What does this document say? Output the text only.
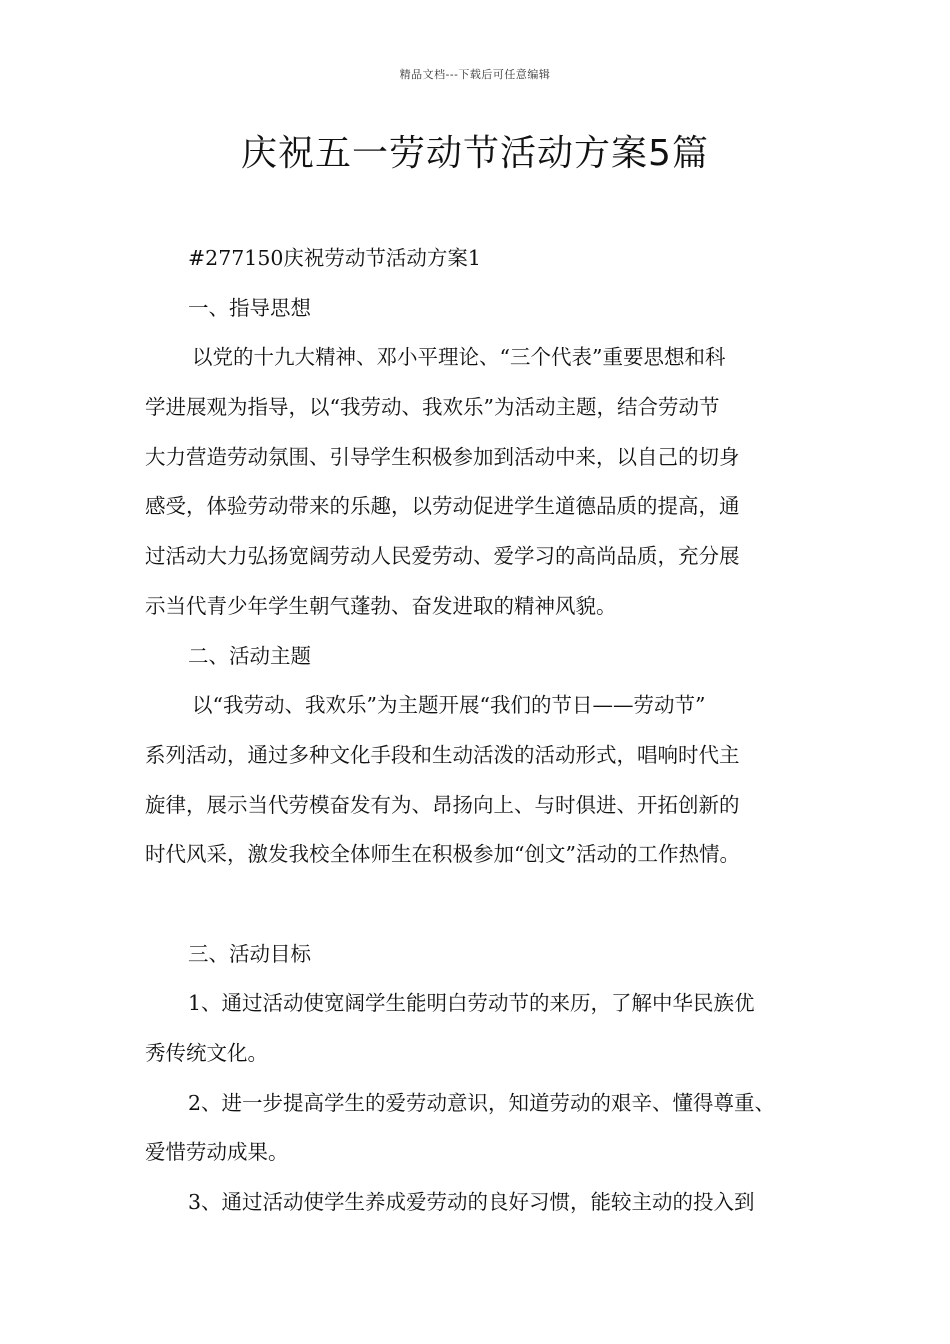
精品文档---下载后可任意编辑
庆祝五一劳动节活动方案5篇
#277150庆祝劳动节活动方案1
一、指导思想
以党的十九大精神、邓小平理论、“三个代表”重要思想和科
学进展观为指导，以“我劳动、我欢乐”为活动主题，结合劳动节
大力营造劳动氛围、引导学生积极参加到活动中来，以自己的切身
感受，体验劳动带来的乐趣，以劳动促进学生道德品质的提高，通
过活动大力弘扬宽阔劳动人民爱劳动、爱学习的高尚品质，充分展
示当代青少年学生朝气蓬勃、奋发进取的精神风貌。
二、活动主题
以“我劳动、我欢乐”为主题开展“我们的节日——劳动节”
系列活动，通过多种文化手段和生动活泼的活动形式，唱响时代主
旋律，展示当代劳模奋发有为、昂扬向上、与时俱进、开拓创新的
时代风采，激发我校全体师生在积极参加“创文”活动的工作热情。
三、活动目标
1、通过活动使宽阔学生能明白劳动节的来历，了解中华民族优
秀传统文化。
2、进一步提高学生的爱劳动意识，知道劳动的艰辛、懂得尊重、
爱惜劳动成果。
3、通过活动使学生养成爱劳动的良好习惯，能较主动的投入到
